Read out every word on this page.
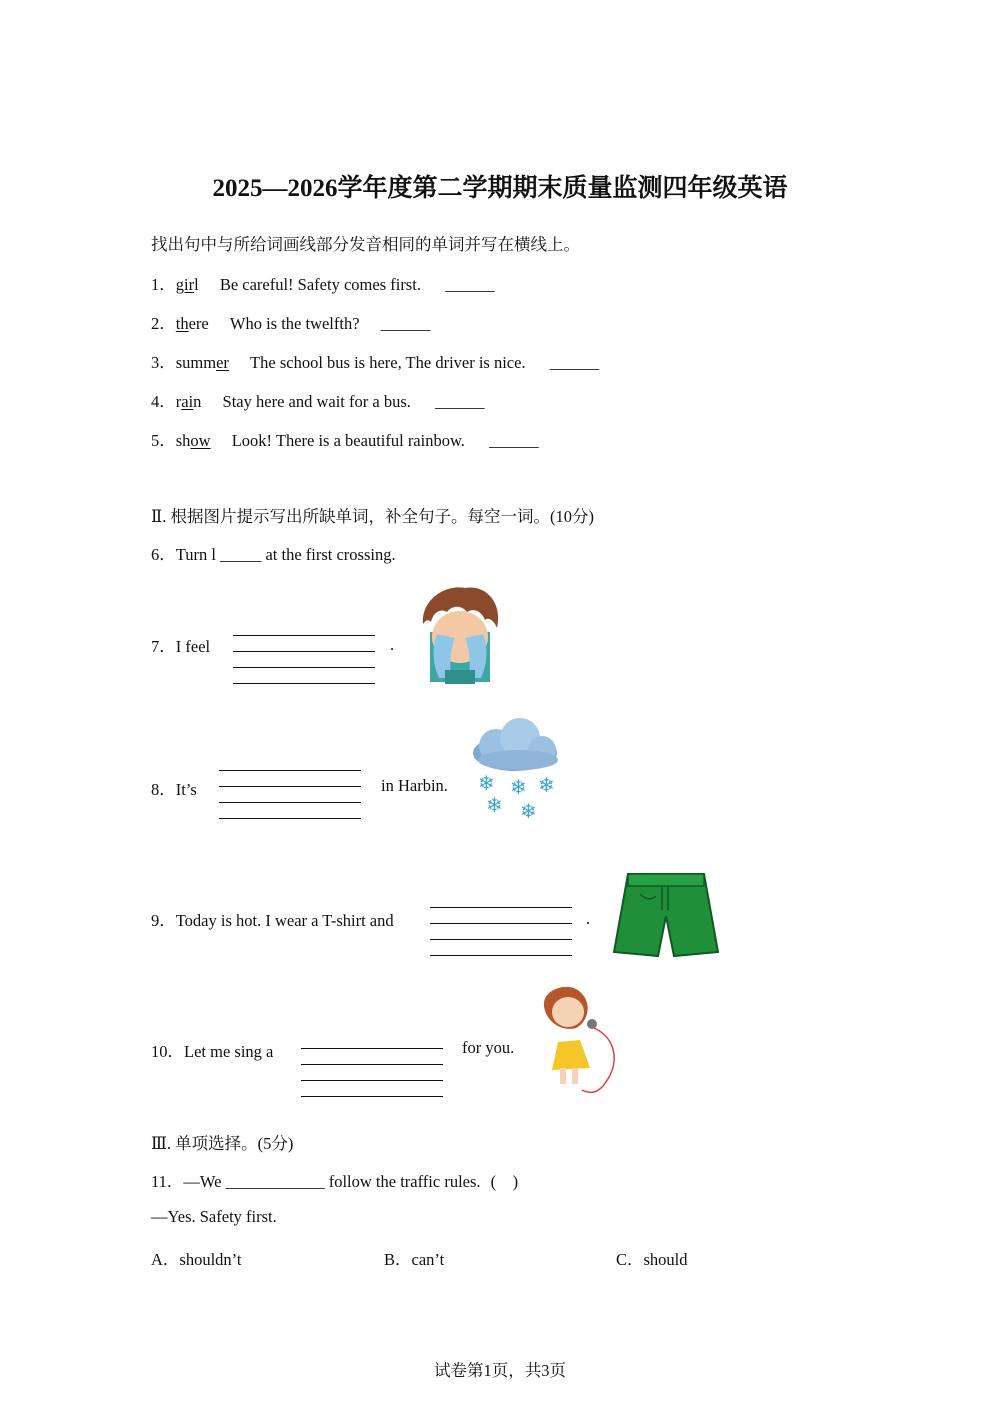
2025—2026学年度第二学期期末质量监测四年级英语
找出句中与所给词画线部分发音相同的单词并写在横线上。
1．girl Be careful! Safety comes first. ______
2．there Who is the twelfth? ______
3．summer The school bus is here, The driver is nice. ______
4．rain Stay here and wait for a bus. ______
5．show Look! There is a beautiful rainbow. ______
Ⅱ. 根据图片提示写出所缺单词，补全句子。每空一词。(10分)
6．Turn l _____ at the first crossing.
7．I feel	.
8．It’s	in Harbin. ❄ ❄ ❄
❄ ❄
9．Today is hot. I wear a T-shirt and	.
10．Let me sing a	for you.
Ⅲ. 单项选择。(5分)
11．—We ____________ follow the traffic rules. (　)
—Yes. Safety first.
A．shouldn’t	B．can’t	C．should
试卷第1页，共3页
